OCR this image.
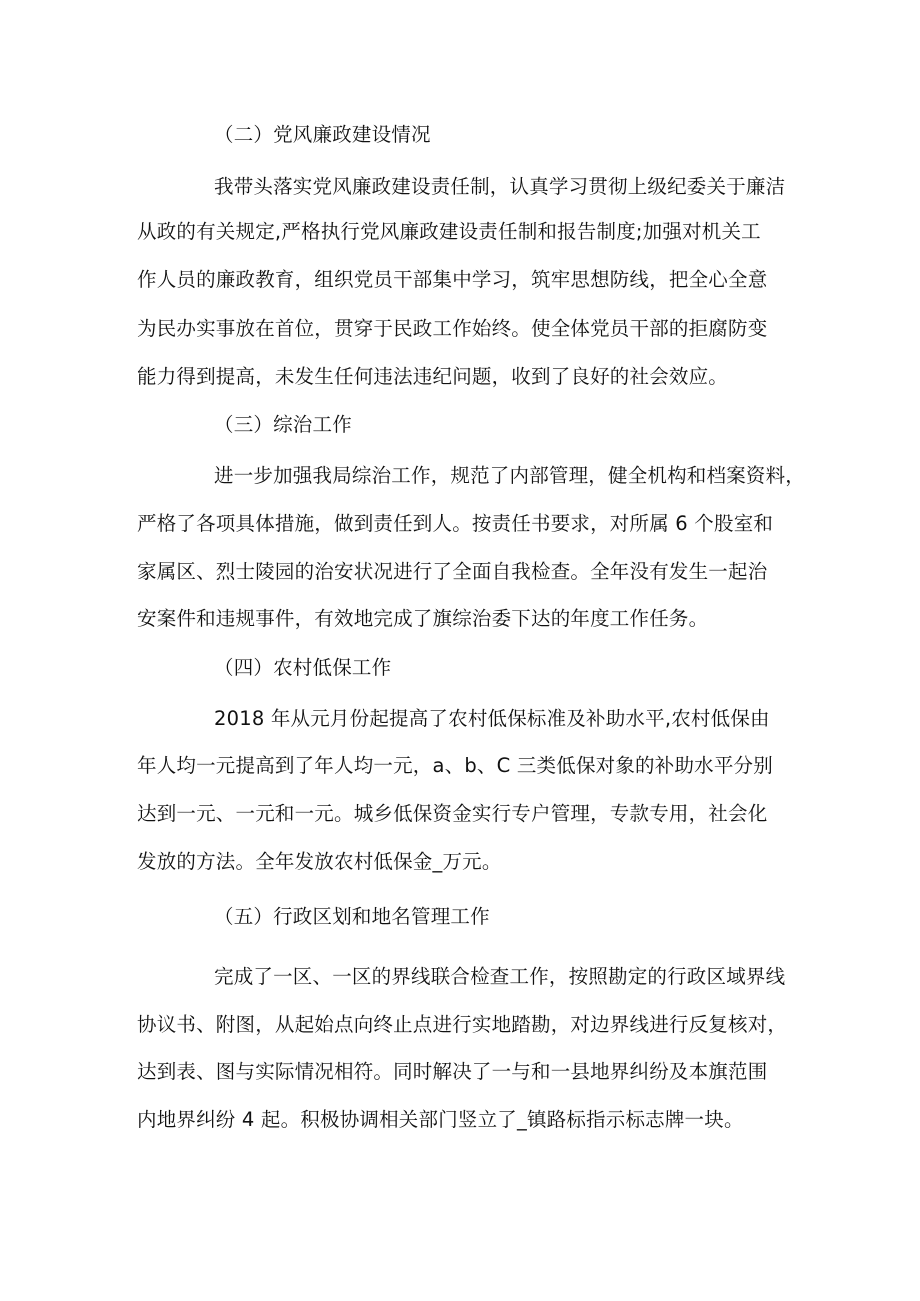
（二）党风廉政建设情况

我带头落实党风廉政建设责任制，认真学习贯彻上级纪委关于廉洁

从政的有关规定,严格执行党风廉政建设责任制和报告制度;加强对机关工

作人员的廉政教育，组织党员干部集中学习，筑牢思想防线，把全心全意

为民办实事放在首位，贯穿于民政工作始终。使全体党员干部的拒腐防变

能力得到提高，未发生任何违法违纪问题，收到了良好的社会效应。

（三）综治工作

进一步加强我局综治工作，规范了内部管理，健全机构和档案资料，

严格了各项具体措施，做到责任到人。按责任书要求，对所属 6 个股室和

家属区、烈士陵园的治安状况进行了全面自我检查。全年没有发生一起治

安案件和违规事件，有效地完成了旗综治委下达的年度工作任务。

（四）农村低保工作

2018 年从元月份起提高了农村低保标准及补助水平,农村低保由

年人均一元提高到了年人均一元，a、b、C 三类低保对象的补助水平分别

达到一元、一元和一元。城乡低保资金实行专户管理，专款专用，社会化

发放的方法。全年发放农村低保金_万元。

（五）行政区划和地名管理工作

完成了一区、一区的界线联合检查工作，按照勘定的行政区域界线

协议书、附图，从起始点向终止点进行实地踏勘，对边界线进行反复核对，

达到表、图与实际情况相符。同时解决了一与和一县地界纠纷及本旗范围

内地界纠纷 4 起。积极协调相关部门竖立了_镇路标指示标志牌一块。
